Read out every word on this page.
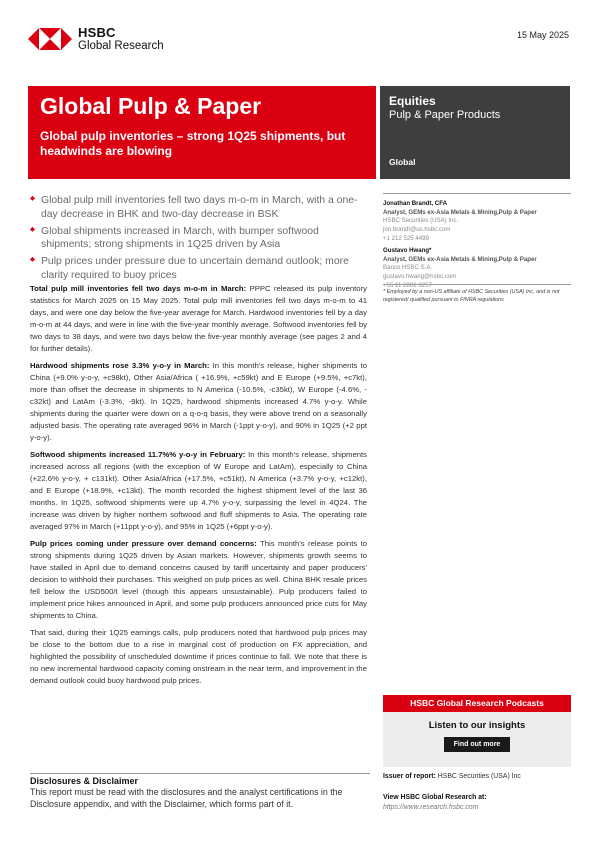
HSBC
Global Research
15 May 2025
Global Pulp & Paper
Global pulp inventories – strong 1Q25 shipments, but headwinds are blowing
Equities
Pulp & Paper Products
Global
◆ Global pulp mill inventories fell two days m-o-m in March, with a one-day decrease in BHK and two-day decrease in BSK
◆ Global shipments increased in March, with bumper softwood shipments; strong shipments in 1Q25 driven by Asia
◆ Pulp prices under pressure due to uncertain demand outlook; more clarity required to buoy prices

Total pulp mill inventories fell two days m-o-m in March: PPPC released its pulp inventory statistics for March 2025 on 15 May 2025. Total pulp mill inventories fell two days m-o-m to 41 days, and were one day below the five-year average for March. Hardwood inventories fell by a day m-o-m at 44 days, and were in line with the five-year monthly average. Softwood inventories fell by two days to 38 days, and were two days below the five-year monthly average (see pages 2 and 4 for further details).

Hardwood shipments rose 3.3% y-o-y in March: In this month's release, higher shipments to China (+9.0% y-o-y, +c98kt), Other Asia/Africa ( +16.9%, +c59kt) and E Europe (+9.5%, +c7kt), more than offset the decrease in shipments to N America (-10.5%, -c35kt), W Europe (-4.6%, -c32kt) and LatAm (-3.3%, -9kt). In 1Q25, hardwood shipments increased 4.7% y-o-y. While shipments during the quarter were down on a q-o-q basis, they were above trend on a seasonally adjusted basis. The operating rate averaged 96% in March (-1ppt y-o-y), and 90% in 1Q25 (+2 ppt y-o-y).

Softwood shipments increased 11.7%% y-o-y in February: In this month's release, shipments increased across all regions (with the exception of W Europe and LatAm), especially to China (+22.6% y-o-y, + c131kt). Other Asia/Africa (+17.5%, +c51kt), N America (+3.7% y-o-y, +c12kt), and E Europe (+18.9%, +c13kt). The month recorded the highest shipment level of the last 36 months. In 1Q25, softwood shipments were up 4.7% y-o-y, surpassing the level in 4Q24. The increase was driven by higher northern softwood and fluff shipments to Asia. The operating rate averaged 97% in March (+11ppt y-o-y), and 95% in 1Q25 (+6ppt y-o-y).

Pulp prices coming under pressure over demand concerns: This month's release points to strong shipments during 1Q25 driven by Asian markets. However, shipments growth seems to have stalled in April due to demand concerns caused by tariff uncertainty and paper producers' decision to withhold their purchases. This weighed on pulp prices as well. China BHK resale prices fell below the USD500/t level (though this appears unsustainable). Pulp producers failed to implement price hikes announced in April, and some pulp producers announced price cuts for May shipments to China.

That said, during their 1Q25 earnings calls, pulp producers noted that hardwood pulp prices may be close to the bottom due to a rise in marginal cost of production on FX appreciation, and highlighted the possibility of unscheduled downtime if prices continue to fall. We note that there is no new incremental hardwood capacity coming onstream in the near term, and improvement in the demand outlook could buoy hardwood pulp prices.

Jonathan Brandt, CFA
Analyst, GEMs ex-Asia Metals & Mining,Pulp & Paper
HSBC Securities (USA) Inc.
jon.brandt@us.hsbc.com
+1 212 525 4499
Gustavo Hwang*
Analyst, GEMs ex-Asia Metals & Mining,Pulp & Paper
Banco HSBC S.A.
gustavo.hwang@hsbc.com
+55 11 2802 3257
* Employed by a non-US affiliate of HSBC Securities (USA) Inc, and is not registered/ qualified pursuant to FINRA regulations
HSBC Global Research Podcasts
Listen to our insights
Find out more
Disclosures & Disclaimer
This report must be read with the disclosures and the analyst certifications in the Disclosure appendix, and with the Disclaimer, which forms part of it.
Issuer of report: HSBC Securities (USA) Inc
View HSBC Global Research at:
https://www.research.hsbc.com
